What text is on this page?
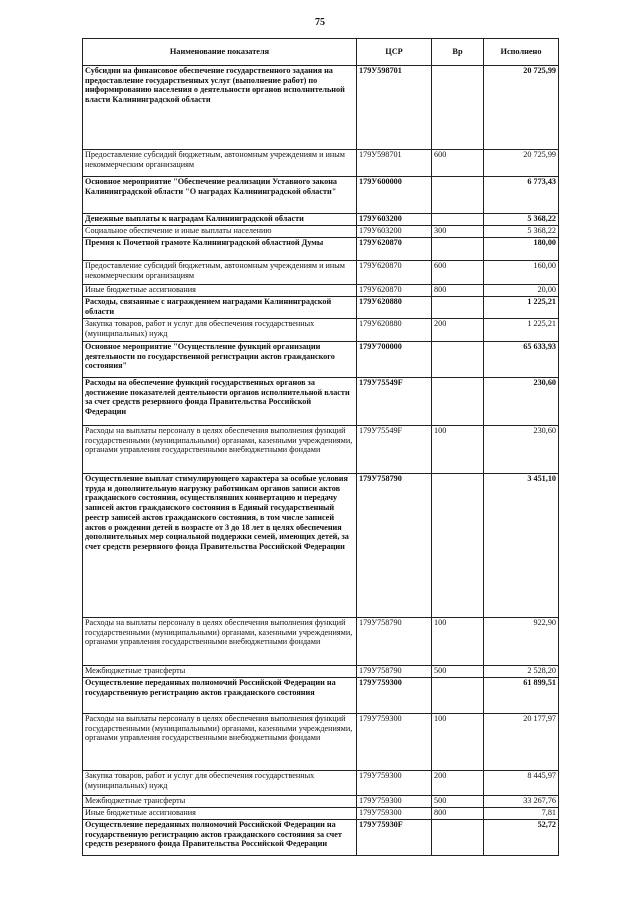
75
Наименование показателя	ЦСР	Вр	Исполнено
Субсидии на финансовое обеспечение государственного задания на предоставление государственных услуг (выполнение работ) по информированию населения о деятельности органов исполнительной власти Калининградской области	179У598701		20 725,99
Предоставление субсидий бюджетным, автономным учреждениям и иным некоммерческим организациям	179У598701	600	20 725,99
Основное мероприятие "Обеспечение реализации Уставного закона Калининградской области "О наградах Калининградской области"	179У600000		6 773,43
Денежные выплаты к наградам Калининградской области	179У603200		5 368,22
Социальное обеспечение и иные выплаты населению	179У603200	300	5 368,22
Премия к Почетной грамоте Калининградской областной Думы	179У620870		180,00
Предоставление субсидий бюджетным, автономным учреждениям и иным некоммерческим организациям	179У620870	600	160,00
Иные бюджетные ассигнования	179У620870	800	20,00
Расходы, связанные с награждением наградами Калининградской области	179У620880		1 225,21
Закупка товаров, работ и услуг для обеспечения государственных (муниципальных) нужд	179У620880	200	1 225,21
Основное мероприятие "Осуществление функций организации деятельности по государственной регистрации актов гражданского состояния"	179У700000		65 633,93
Расходы на обеспечение функций государственных органов за достижение показателей деятельности органов исполнительной власти за счет средств резервного фонда Правительства Российской Федерации	179У75549F		230,60
Расходы на выплаты персоналу в целях обеспечения выполнения функций государственными (муниципальными) органами, казенными учреждениями, органами управления государственными внебюджетными фондами	179У75549F	100	230,60
Осуществление выплат стимулирующего характера за особые условия труда и дополнительную нагрузку работникам органов записи актов гражданского состояния, осуществлявших конвертацию и передачу записей актов гражданского состояния в Единый государственный реестр записей актов гражданского состояния, в том числе записей актов о рождении детей в возрасте от 3 до 18 лет в целях обеспечения дополнительных мер социальной поддержки семей, имеющих детей, за счет средств резервного фонда Правительства Российской Федерации	179У758790		3 451,10
Расходы на выплаты персоналу в целях обеспечения выполнения функций государственными (муниципальными) органами, казенными учреждениями, органами управления государственными внебюджетными фондами	179У758790	100	922,90
Межбюджетные трансферты	179У758790	500	2 528,20
Осуществление переданных полномочий Российской Федерации на государственную регистрацию актов гражданского состояния	179У759300		61 899,51
Расходы на выплаты персоналу в целях обеспечения выполнения функций государственными (муниципальными) органами, казенными учреждениями, органами управления государственными внебюджетными фондами	179У759300	100	20 177,97
Закупка товаров, работ и услуг для обеспечения государственных (муниципальных) нужд	179У759300	200	8 445,97
Межбюджетные трансферты	179У759300	500	33 267,76
Иные бюджетные ассигнования	179У759300	800	7,81
Осуществление переданных полномочий Российской Федерации на государственную регистрацию актов гражданского состояния за счет средств резервного фонда Правительства Российской Федерации	179У75930F		52,72
